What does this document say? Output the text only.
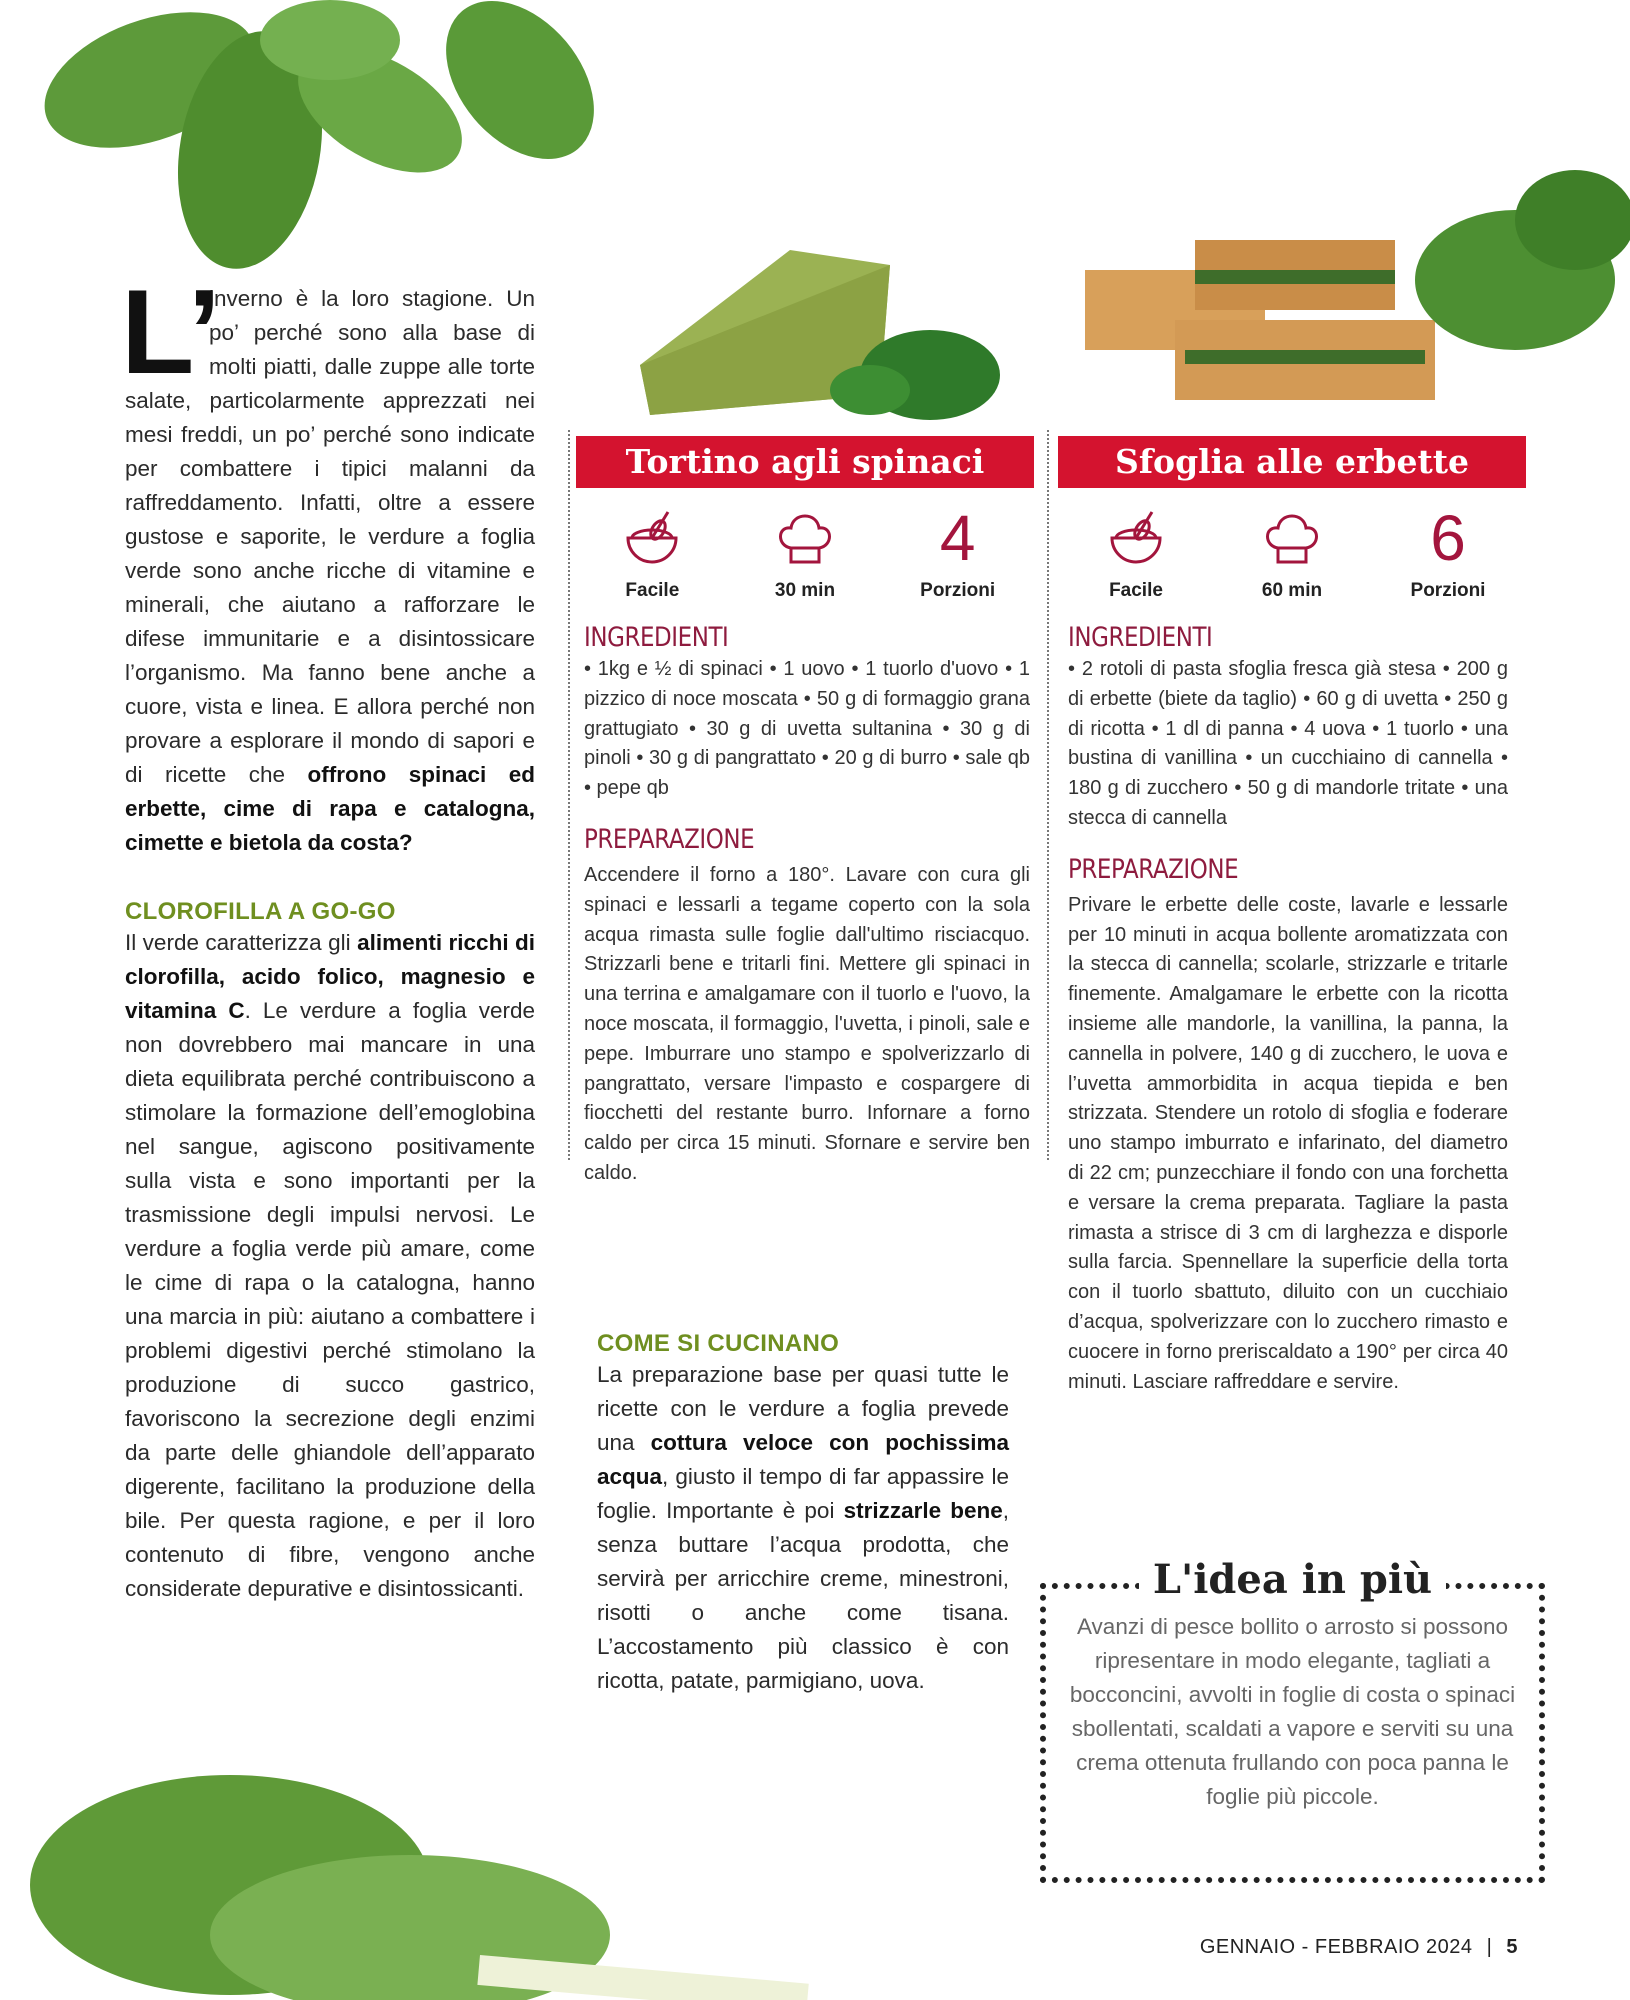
L’
inverno è la loro stagione. Un po’ perché sono alla base di molti piatti, dalle zuppe alle torte salate, particolarmente apprezzati nei mesi freddi, un po’ perché sono indicate per combattere i tipici malanni da raffreddamento. Infatti, oltre a essere gustose e saporite, le verdure a foglia verde sono anche ricche di vitamine e minerali, che aiutano a rafforzare le difese immunitarie e a disintossicare l’organismo. Ma fanno bene anche a cuore, vista e linea. E allora perché non provare a esplorare il mondo di sapori e di ricette che offrono spinaci ed erbette, cime di rapa e catalogna, cimette e bietola da costa?
CLOROFILLA A GO-GO
Il verde caratterizza gli alimenti ricchi di clorofilla, acido folico, magnesio e vitamina C. Le verdure a foglia verde non dovrebbero mai mancare in una dieta equilibrata perché contribuiscono a stimolare la formazione dell’emoglobina nel sangue, agiscono positivamente sulla vista e sono importanti per la trasmissione degli impulsi nervosi. Le verdure a foglia verde più amare, come le cime di rapa o la catalogna, hanno una marcia in più: aiutano a combattere i problemi digestivi perché stimolano la produzione di succo gastrico, favoriscono la secrezione degli enzimi da parte delle ghiandole dell’apparato digerente, facilitano la produzione della bile. Per questa ragione, e per il loro contenuto di fibre, vengono anche considerate depurative e disintossicanti.
Tortino agli spinaci
Facile	30 min
4
Porzioni
INGREDIENTI
• 1kg e ½ di spinaci • 1 uovo • 1 tuorlo d'uovo • 1 pizzico di noce moscata • 50 g di formaggio grana grattugiato • 30 g di uvetta sultanina • 30 g di pinoli • 30 g di pangrattato • 20 g di burro • sale qb • pepe qb
PREPARAZIONE
Accendere il forno a 180°. Lavare con cura gli spinaci e lessarli a tegame coperto con la sola acqua rimasta sulle foglie dall'ultimo risciacquo. Strizzarli bene e tritarli fini. Mettere gli spinaci in una terrina e amalgamare con il tuorlo e l'uovo, la noce moscata, il formaggio, l'uvetta, i pinoli, sale e pepe. Imburrare uno stampo e spolverizzarlo di pangrattato, versare l'impasto e cospargere di fiocchetti del restante burro. Infornare a forno caldo per circa 15 minuti. Sfornare e servire ben caldo.
Sfoglia alle erbette
Facile	60 min
6
Porzioni
INGREDIENTI
• 2 rotoli di pasta sfoglia fresca già stesa • 200 g di erbette (biete da taglio) • 60 g di uvetta • 250 g di ricotta • 1 dl di panna • 4 uova • 1 tuorlo • una bustina di vanillina • un cucchiaino di cannella • 180 g di zucchero • 50 g di mandorle tritate • una stecca di cannella
PREPARAZIONE
Privare le erbette delle coste, lavarle e lessarle per 10 minuti in acqua bollente aromatizzata con la stecca di cannella; scolarle, strizzarle e tritarle finemente. Amalgamare le erbette con la ricotta insieme alle mandorle, la vanillina, la panna, la cannella in polvere, 140 g di zucchero, le uova e l’uvetta ammorbidita in acqua tiepida e ben strizzata. Stendere un rotolo di sfoglia e foderare uno stampo imburrato e infarinato, del diametro di 22 cm; punzecchiare il fondo con una forchetta e versare la crema preparata. Tagliare la pasta rimasta a strisce di 3 cm di larghezza e disporle sulla farcia. Spennellare la superficie della torta con il tuorlo sbattuto, diluito con un cucchiaio d’acqua, spolverizzare con lo zucchero rimasto e cuocere in forno preriscaldato a 190° per circa 40 minuti. Lasciare raffreddare e servire.
COME SI CUCINANO
La preparazione base per quasi tutte le ricette con le verdure a foglia prevede una cottura veloce con pochissima acqua, giusto il tempo di far appassire le foglie. Importante è poi strizzarle bene, senza buttare l’acqua prodotta, che servirà per arricchire creme, minestroni, risotti o anche come tisana. L’accostamento più classico è con ricotta, patate, parmigiano, uova.
L'idea in più
Avanzi di pesce bollito o arrosto si possono ripresentare in modo elegante, tagliati a bocconcini, avvolti in foglie di costa o spinaci sbollentati, scaldati a vapore e serviti su una crema ottenuta frullando con poca panna le foglie più piccole.
GENNAIO - FEBBRAIO 2024 | 5
